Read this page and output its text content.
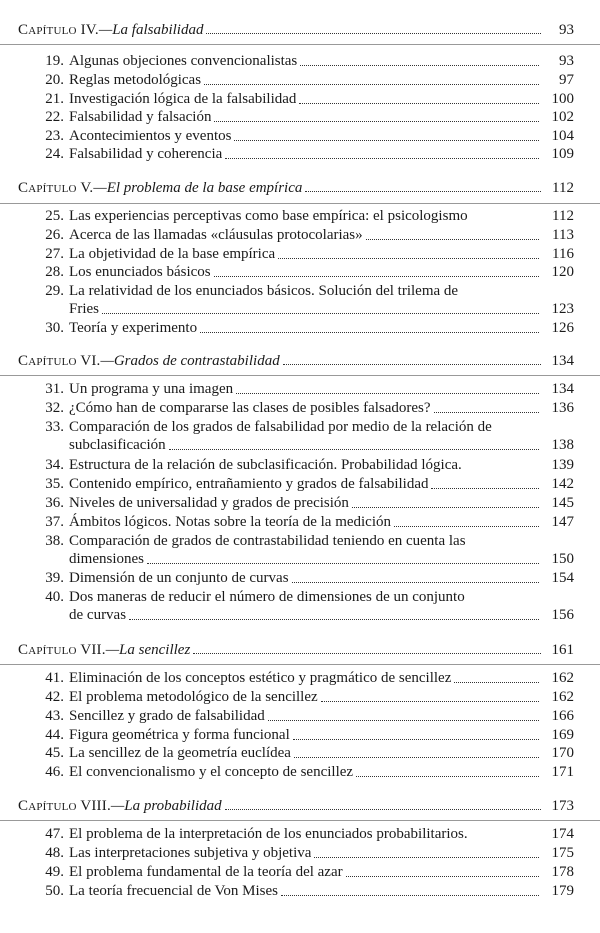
Capítulo IV.—La falsabilidad	93
19. Algunas objeciones convencionalistas	93
20. Reglas metodológicas	97
21. Investigación lógica de la falsabilidad	100
22. Falsabilidad y falsación	102
23. Acontecimientos y eventos	104
24. Falsabilidad y coherencia	109
Capítulo V.—El problema de la base empírica	112
25. Las experiencias perceptivas como base empírica: el psicologismo	112
26. Acerca de las llamadas «cláusulas protocolarias»	113
27. La objetividad de la base empírica	116
28. Los enunciados básicos	120
29. La relatividad de los enunciados básicos. Solución del trilema de
Fries	123
30. Teoría y experimento	126
Capítulo VI.—Grados de contrastabilidad	134
31. Un programa y una imagen	134
32. ¿Cómo han de compararse las clases de posibles falsadores?	136
33. Comparación de los grados de falsabilidad por medio de la relación de
subclasificación	138
34. Estructura de la relación de subclasificación. Probabilidad lógica.	139
35. Contenido empírico, entrañamiento y grados de falsabilidad	142
36. Niveles de universalidad y grados de precisión	145
37. Ámbitos lógicos. Notas sobre la teoría de la medición	147
38. Comparación de grados de contrastabilidad teniendo en cuenta las
dimensiones	150
39. Dimensión de un conjunto de curvas	154
40. Dos maneras de reducir el número de dimensiones de un conjunto
de curvas	156
Capítulo VII.—La sencillez	161
41. Eliminación de los conceptos estético y pragmático de sencillez	162
42. El problema metodológico de la sencillez	162
43. Sencillez y grado de falsabilidad	166
44. Figura geométrica y forma funcional	169
45. La sencillez de la geometría euclídea	170
46. El convencionalismo y el concepto de sencillez	171
Capítulo VIII.—La probabilidad	173
47. El problema de la interpretación de los enunciados probabilitarios.	174
48. Las interpretaciones subjetiva y objetiva	175
49. El problema fundamental de la teoría del azar	178
50. La teoría frecuencial de Von Mises	179
